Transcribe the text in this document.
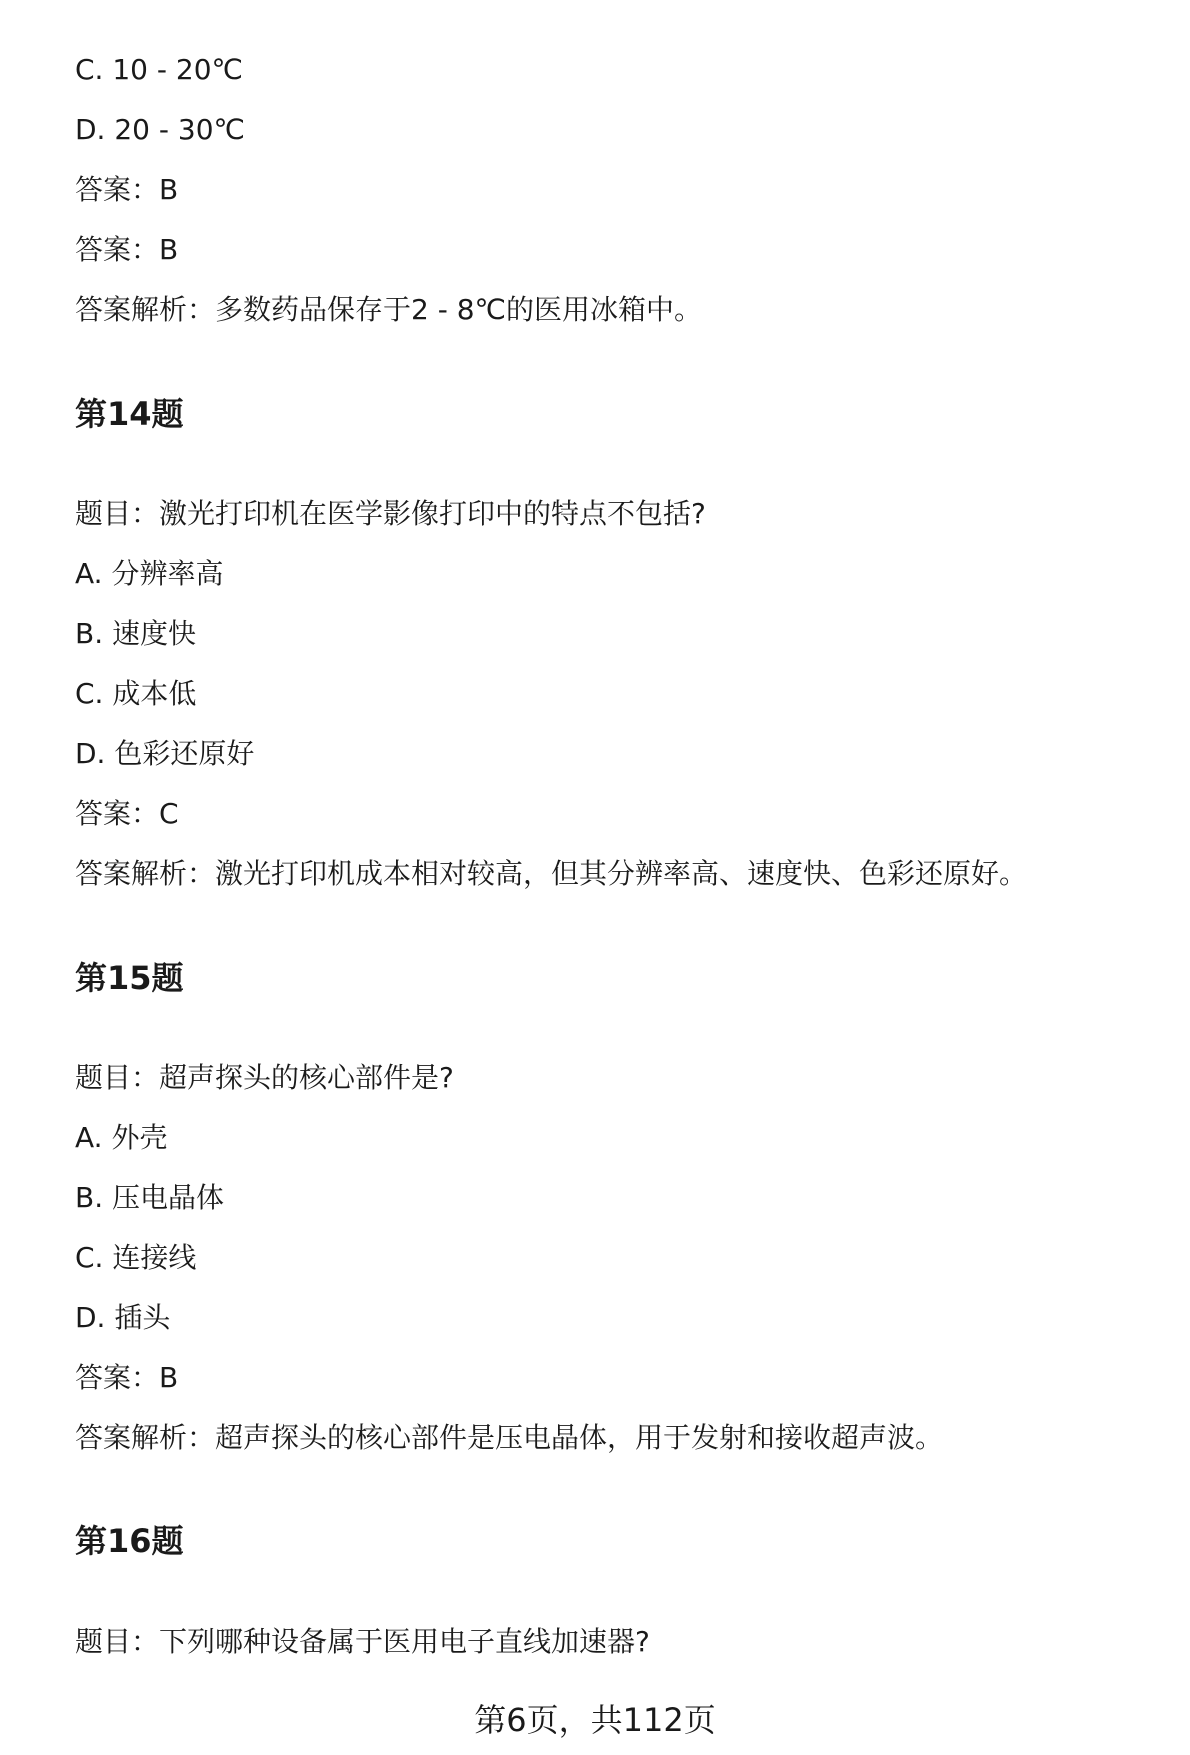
C. 10 - 20℃
D. 20 - 30℃
答案：B
答案：B
答案解析：多数药品保存于2 - 8℃的医用冰箱中。
第14题
题目：激光打印机在医学影像打印中的特点不包括?
A. 分辨率高
B. 速度快
C. 成本低
D. 色彩还原好
答案：C
答案解析：激光打印机成本相对较高，但其分辨率高、速度快、色彩还原好。
第15题
题目：超声探头的核心部件是?
A. 外壳
B. 压电晶体
C. 连接线
D. 插头
答案：B
答案解析：超声探头的核心部件是压电晶体，用于发射和接收超声波。
第16题
题目：下列哪种设备属于医用电子直线加速器?
第6页，共112页
